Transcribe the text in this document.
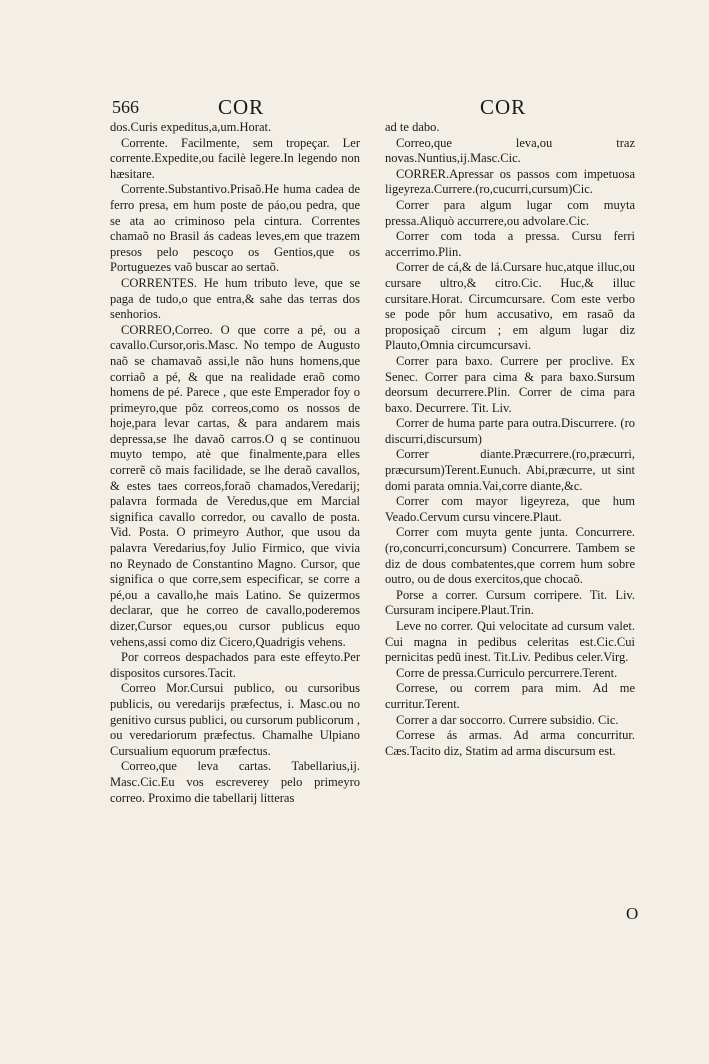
566	COR	COR

dos.Curis expeditus,a,um.Horat.

Corrente. Facilmente, sem tropeçar. Ler corrente.Expedite,ou facilè legere.In legendo non hæsitare.

Corrente.Substantivo.Prisaõ.He huma cadea de ferro presa, em hum poste de páo,ou pedra, que se ata ao criminoso pela cintura. Correntes chamaõ no Brasil ás cadeas leves,em que trazem presos pelo pescoço os Gentios,que os Portuguezes vaõ buscar ao sertaõ.

CORRENTES. He hum tributo leve, que se paga de tudo,o que entra,& sahe das terras dos senhorios.

CORREO,Correo. O que corre a pé, ou a cavallo.Cursor,oris.Masc. No tempo de Augusto naõ se chamavaõ assi,le não huns homens,que corriaõ a pé, & que na realidade eraõ como homens de pé. Parece , que este Emperador foy o primeyro,que pôz correos,como os nossos de hoje,para levar cartas, & para andarem mais depressa,se lhe davaõ carros.O q se continuou muyto tempo, atè que finalmente,para elles correrẽ cõ mais facilidade, se lhe deraõ cavallos, & estes taes correos,foraõ chamados,Veredarij; palavra formada de Veredus,que em Marcial significa cavallo corredor, ou cavallo de posta. Vid. Posta. O primeyro Author, que usou da palavra Veredarius,foy Julio Firmico, que vivia no Reynado de Constantino Magno. Cursor, que significa o que corre,sem especificar, se corre a pé,ou a cavallo,he mais Latino. Se quizermos declarar, que he correo de cavallo,poderemos dizer,Cursor eques,ou cursor publicus equo vehens,assi como diz Cicero,Quadrigis vehens.

Por correos despachados para este effeyto.Per dispositos cursores.Tacit.

Correo Mor.Cursui publico, ou cursoribus publicis, ou veredarijs præfectus, i. Masc.ou no genitivo cursus publici, ou cursorum publicorum , ou veredariorum præfectus. Chamalhe Ulpiano Cursualium equorum præfectus.

Correo,que leva cartas. Tabellarius,ij. Masc.Cic.Eu vos escreverey pelo primeyro correo. Proximo die tabellarij litteras

ad te dabo.

Correo,que leva,ou traz novas.Nuntius,ij.Masc.Cic.

CORRER.Apressar os passos com impetuosa ligeyreza.Currere.(ro,cucurri,cursum)Cic.

Correr para algum lugar com muyta pressa.Aliquò accurrere,ou advolare.Cic.

Correr com toda a pressa. Cursu ferri accerrimo.Plin.

Correr de cá,& de lá.Cursare huc,atque illuc,ou cursare ultro,& citro.Cic. Huc,& illuc cursitare.Horat. Circumcursare. Com este verbo se pode pôr hum accusativo, em rasaõ da proposiçaõ circum ; em algum lugar diz Plauto,Omnia circumcursavi.

Correr para baxo. Currere per proclive. Ex Senec. Correr para cima & para baxo.Sursum deorsum decurrere.Plin. Correr de cima para baxo. Decurrere. Tit. Liv.

Correr de huma parte para outra.Discurrere. (ro discurri,discursum)

Correr diante.Præcurrere.(ro,præcurri, præcursum)Terent.Eunuch. Abi,præcurre, ut sint domi parata omnia.Vai,corre diante,&c.

Correr com mayor ligeyreza, que hum Veado.Cervum cursu vincere.Plaut.

Correr com muyta gente junta. Concurrere.(ro,concurri,concursum) Concurrere. Tambem se diz de dous combatentes,que correm hum sobre outro, ou de dous exercitos,que chocaõ.

Porse a correr. Cursum corripere. Tit. Liv. Cursuram incipere.Plaut.Trin.

Leve no correr. Qui velocitate ad cursum valet. Cui magna in pedibus celeritas est.Cic.Cui pernicitas pedũ inest. Tit.Liv. Pedibus celer.Virg.

Corre de pressa.Curriculo percurrere.Terent.

Correse, ou correm para mim. Ad me curritur.Terent.

Correr a dar soccorro. Currere subsidio. Cic.

Correse ás armas. Ad arma concurritur. Cæs.Tacito diz, Statim ad arma discursum est.

O
